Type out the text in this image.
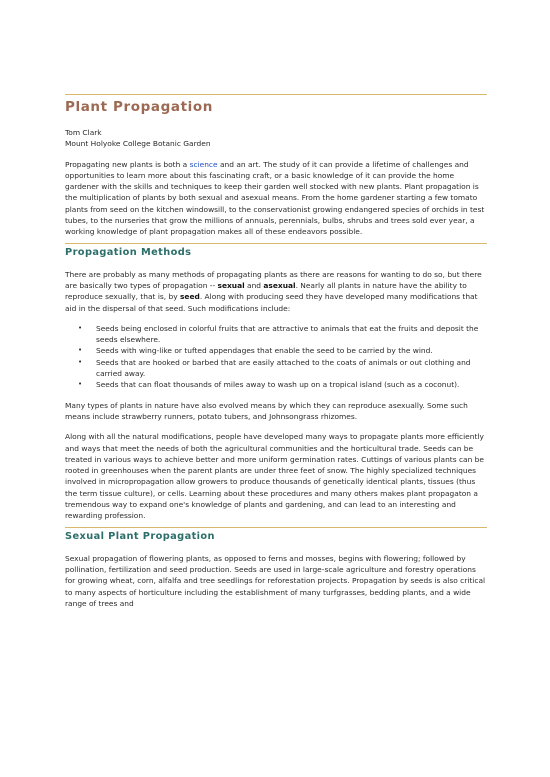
Plant Propagation

Tom Clark

Mount Holyoke College Botanic Garden

Propagating new plants is both a science and an art. The study of it can provide a lifetime of challenges and opportunities to learn more about this fascinating craft, or a basic knowledge of it can provide the home gardener with the skills and techniques to keep their garden well stocked with new plants. Plant propagation is the multiplication of plants by both sexual and asexual means. From the home gardener starting a few tomato plants from seed on the kitchen windowsill, to the conservationist growing endangered species of orchids in test tubes, to the nurseries that grow the millions of annuals, perennials, bulbs, shrubs and trees sold ever year, a working knowledge of plant propagation makes all of these endeavors possible.

Propagation Methods

There are probably as many methods of propagating plants as there are reasons for wanting to do so, but there are basically two types of propagation -- sexual and asexual. Nearly all plants in nature have the ability to reproduce sexually, that is, by seed. Along with producing seed they have developed many modifications that aid in the dispersal of that seed. Such modifications include:

• Seeds being enclosed in colorful fruits that are attractive to animals that eat the fruits and deposit the seeds elsewhere.
• Seeds with wing-like or tufted appendages that enable the seed to be carried by the wind.
• Seeds that are hooked or barbed that are easily attached to the coats of animals or out clothing and carried away.
• Seeds that can float thousands of miles away to wash up on a tropical island (such as a coconut).

Many types of plants in nature have also evolved means by which they can reproduce asexually. Some such means include strawberry runners, potato tubers, and Johnsongrass rhizomes.

Along with all the natural modifications, people have developed many ways to propagate plants more efficiently and ways that meet the needs of both the agricultural communities and the horticultural trade. Seeds can be treated in various ways to achieve better and more uniform germination rates. Cuttings of various plants can be rooted in greenhouses when the parent plants are under three feet of snow. The highly specialized techniques involved in micropropagation allow growers to produce thousands of genetically identical plants, tissues (thus the term tissue culture), or cells. Learning about these procedures and many others makes plant propagaton a tremendous way to expand one's knowledge of plants and gardening, and can lead to an interesting and rewarding profession.

Sexual Plant Propagation

Sexual propagation of flowering plants, as opposed to ferns and mosses, begins with flowering; followed by pollination, fertilization and seed production. Seeds are used in large-scale agriculture and forestry operations for growing wheat, corn, alfalfa and tree seedlings for reforestation projects. Propagation by seeds is also critical to many aspects of horticulture including the establishment of many turfgrasses, bedding plants, and a wide range of trees and
